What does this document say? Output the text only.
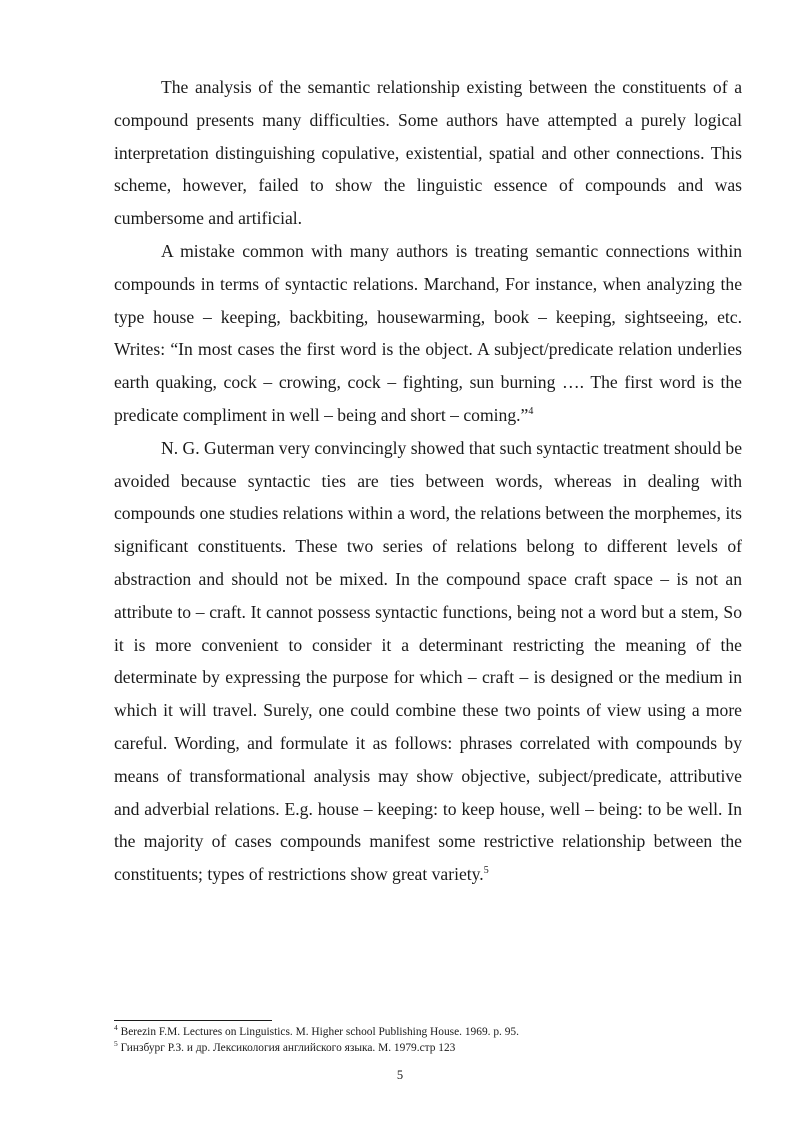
The analysis of the semantic relationship existing between the constituents of a compound presents many difficulties. Some authors have attempted a purely logical interpretation distinguishing copulative, existential, spatial and other connections. This scheme, however, failed to show the linguistic essence of compounds and was cumbersome and artificial.

A mistake common with many authors is treating semantic connections within compounds in terms of syntactic relations. Marchand, For instance, when analyzing the type house – keeping, backbiting, housewarming, book – keeping, sightseeing, etc. Writes: “In most cases the first word is the object. A subject/predicate relation underlies earth quaking, cock – crowing, cock – fighting, sun burning …. The first word is the predicate compliment in well – being and short – coming.”$^4$

N. G. Guterman very convincingly showed that such syntactic treatment should be avoided because syntactic ties are ties between words, whereas in dealing with compounds one studies relations within a word, the relations between the morphemes, its significant constituents. These two series of relations belong to different levels of abstraction and should not be mixed. In the compound space craft space – is not an attribute to – craft. It cannot possess syntactic functions, being not a word but a stem, So it is more convenient to consider it a determinant restricting the meaning of the determinate by expressing the purpose for which – craft – is designed or the medium in which it will travel. Surely, one could combine these two points of view using a more careful. Wording, and formulate it as follows: phrases correlated with compounds by means of transformational analysis may show objective, subject/predicate, attributive and adverbial relations. E.g. house – keeping: to keep house, well – being: to be well. In the majority of cases compounds manifest some restrictive relationship between the constituents; types of restrictions show great variety.$^5$

$^4$ Berezin F.M. Lectures on Linguistics. M. Higher school Publishing House. 1969. p. 95.

$^5$ Гинзбург Р.З. и др. Лексикология английского языка. М. 1979.стр 123

5
